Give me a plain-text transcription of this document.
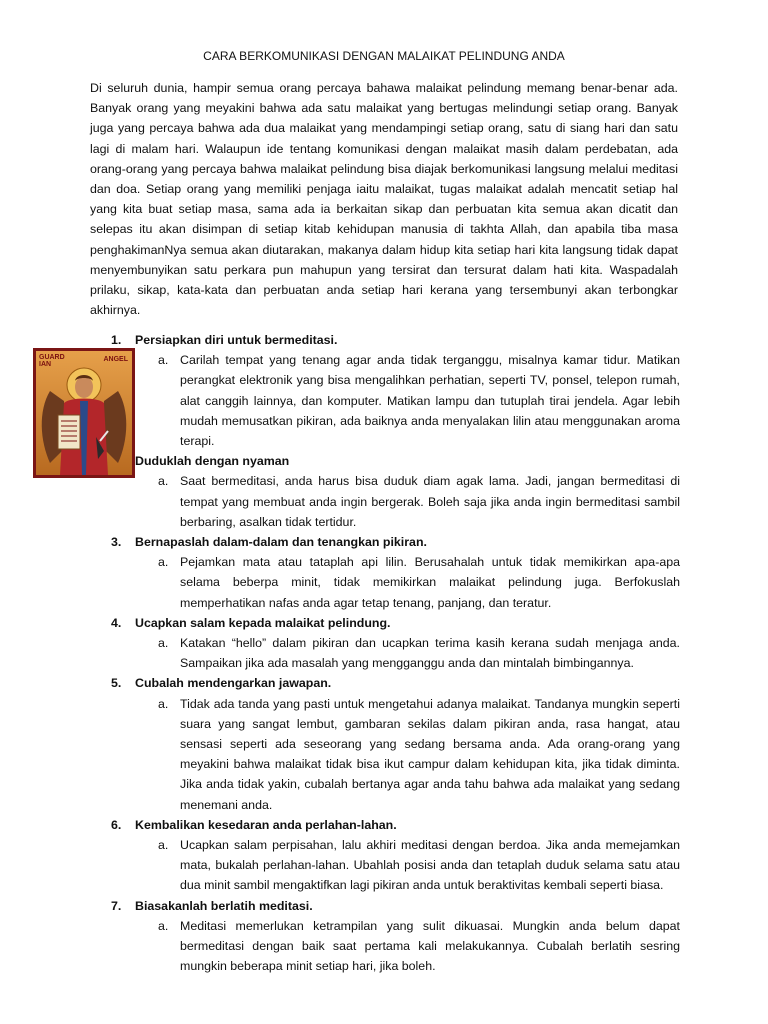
CARA BERKOMUNIKASI DENGAN MALAIKAT PELINDUNG ANDA

Di seluruh dunia, hampir semua orang percaya bahawa malaikat pelindung memang benar-benar ada. Banyak orang yang meyakini bahwa ada satu malaikat yang bertugas melindungi setiap orang. Banyak juga yang percaya bahwa ada dua malaikat yang mendampingi setiap orang, satu di siang hari dan satu lagi di malam hari. Walaupun ide tentang komunikasi dengan malaikat masih dalam perdebatan, ada orang-orang yang percaya bahwa malaikat pelindung bisa diajak berkomunikasi langsung melalui meditasi dan doa. Setiap orang yang memiliki penjaga iaitu malaikat, tugas malaikat adalah mencatit setiap hal yang kita buat setiap masa, sama ada ia berkaitan sikap dan perbuatan kita semua akan dicatit dan selepas itu akan disimpan di setiap kitab kehidupan manusia di takhta Allah, dan apabila tiba masa penghakimanNya semua akan diutarakan, makanya dalam hidup kita setiap hari kita langsung tidak dapat menyembunyikan satu perkara pun mahupun yang tersirat dan tersurat dalam hati kita. Waspadalah prilaku, sikap, kata-kata dan perbuatan anda setiap hari kerana yang tersembunyi akan terbongkar akhirnya.

GUARD IAN
ANGEL
1.	Persiapkan diri untuk bermeditasi.
a. Carilah tempat yang tenang agar anda tidak terganggu, misalnya kamar tidur. Matikan perangkat elektronik yang bisa mengalihkan perhatian, seperti TV, ponsel, telepon rumah, alat canggih lainnya, dan komputer. Matikan lampu dan tutuplah tirai jendela. Agar lebih mudah memusatkan pikiran, ada baiknya anda menyalakan lilin atau menggunakan aroma terapi.
Duduklah dengan nyaman
a. Saat bermeditasi, anda harus bisa duduk diam agak lama. Jadi, jangan bermeditasi di tempat yang membuat anda ingin bergerak. Boleh saja jika anda ingin bermeditasi sambil berbaring, asalkan tidak tertidur.
3.	Bernapaslah dalam-dalam dan tenangkan pikiran.
a. Pejamkan mata atau tataplah api lilin. Berusahalah untuk tidak memikirkan apa-apa selama beberpa minit, tidak memikirkan malaikat pelindung juga. Berfokuslah memperhatikan nafas anda agar tetap tenang, panjang, dan teratur.
4.	Ucapkan salam kepada malaikat pelindung.
a. Katakan “hello” dalam pikiran dan ucapkan terima kasih kerana sudah menjaga anda. Sampaikan jika ada masalah yang mengganggu anda dan mintalah bimbingannya.
5.	Cubalah mendengarkan jawapan.
a. Tidak ada tanda yang pasti untuk mengetahui adanya malaikat. Tandanya mungkin seperti suara yang sangat lembut, gambaran sekilas dalam pikiran anda, rasa hangat, atau sensasi seperti ada seseorang yang sedang bersama anda. Ada orang-orang yang meyakini bahwa malaikat tidak bisa ikut campur dalam kehidupan kita, jika tidak diminta. Jika anda tidak yakin, cubalah bertanya agar anda tahu bahwa ada malaikat yang sedang menemani anda.
6.	Kembalikan kesedaran anda perlahan-lahan.
a. Ucapkan salam perpisahan, lalu akhiri meditasi dengan berdoa. Jika anda memejamkan mata, bukalah perlahan-lahan. Ubahlah posisi anda dan tetaplah duduk selama satu atau dua minit sambil mengaktifkan lagi pikiran anda untuk beraktivitas kembali seperti biasa.
7.	Biasakanlah berlatih meditasi.
a. Meditasi memerlukan ketrampilan yang sulit dikuasai. Mungkin anda belum dapat bermeditasi dengan baik saat pertama kali melakukannya. Cubalah berlatih sesring mungkin beberapa minit setiap hari, jika boleh.
